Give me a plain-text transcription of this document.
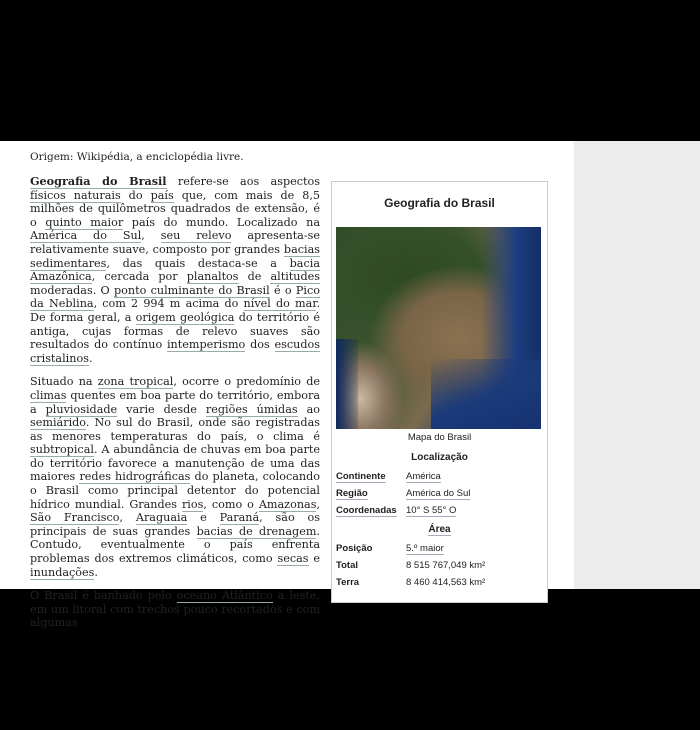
Origem: Wikipédia, a enciclopédia livre.

Geografia do Brasil refere-se aos aspectos físicos naturais do país que, com mais de 8,5 milhões de quilômetros quadrados de extensão, é o quinto maior país do mundo. Localizado na América do Sul, seu relevo apresenta-se relativamente suave, composto por grandes bacias sedimentares, das quais destaca-se a bacia Amazônica, cercada por planaltos de altitudes moderadas. O ponto culminante do Brasil é o Pico da Neblina, com 2 994 m acima do nível do mar. De forma geral, a origem geológica do território é antiga, cujas formas de relevo suaves são resultados do contínuo intemperismo dos escudos cristalinos.

Situado na zona tropical, ocorre o predomínio de climas quentes em boa parte do território, embora a pluviosidade varie desde regiões úmidas ao semiárido. No sul do Brasil, onde são registradas as menores temperaturas do país, o clima é subtropical. A abundância de chuvas em boa parte do território favorece a manutenção de uma das maiores redes hidrográficas do planeta, colocando o Brasil como principal detentor do potencial hídrico mundial. Grandes rios, como o Amazonas, São Francisco, Araguaia e Paraná, são os principais de suas grandes bacias de drenagem. Contudo, eventualmente o país enfrenta problemas dos extremos climáticos, como secas e inundações.

O Brasil é banhado pelo oceano Atlântico a leste, em um litoral com trechos pouco recortados e com algumas

Geografia do Brasil
Mapa do Brasil
Localização
Continente América
Região	América do Sul
Coordenadas 10° S 55° O
Área
Posição	5.º maior
Total	8 515 767,049 km²
Terra	8 460 414,563 km²
